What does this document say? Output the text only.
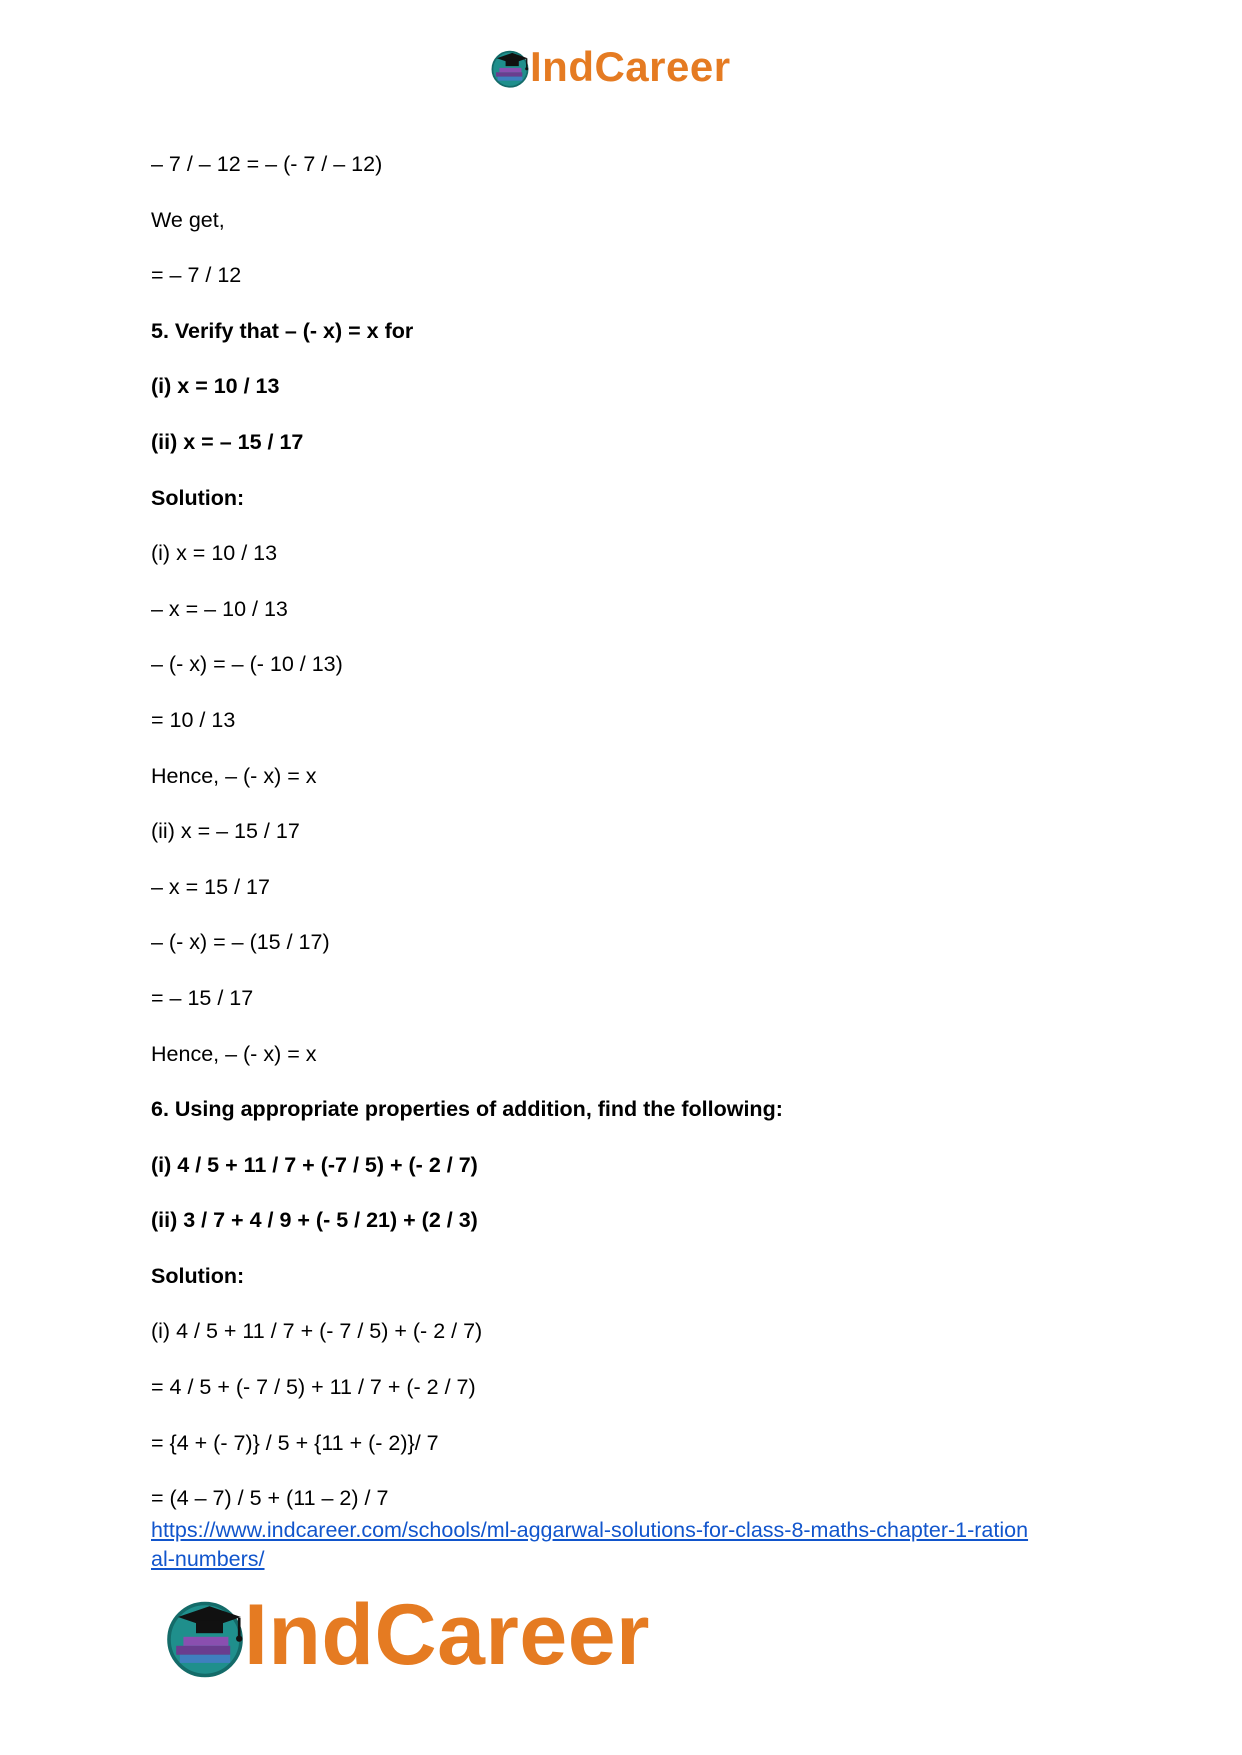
IndCareer
– 7 / – 12 = – (- 7 / – 12)
We get,
= – 7 / 12
5. Verify that – (- x) = x for
(i) x = 10 / 13
(ii) x = – 15 / 17
Solution:
(i) x = 10 / 13
– x = – 10 / 13
– (- x) = – (- 10 / 13)
= 10 / 13
Hence, – (- x) = x
(ii) x = – 15 / 17
– x = 15 / 17
– (- x) = – (15 / 17)
= – 15 / 17
Hence, – (- x) = x
6. Using appropriate properties of addition, find the following:
(i) 4 / 5 + 11 / 7 + (-7 / 5) + (- 2 / 7)
(ii) 3 / 7 + 4 / 9 + (- 5 / 21) + (2 / 3)
Solution:
(i) 4 / 5 + 11 / 7 + (- 7 / 5) + (- 2 / 7)
= 4 / 5 + (- 7 / 5) + 11 / 7 + (- 2 / 7)
= {4 + (- 7)} / 5 + {11 + (- 2)}/ 7
= (4 – 7) / 5 + (11 – 2) / 7
https://www.indcareer.com/schools/ml-aggarwal-solutions-for-class-8-maths-chapter-1-ration
al-numbers/
IndCareer
